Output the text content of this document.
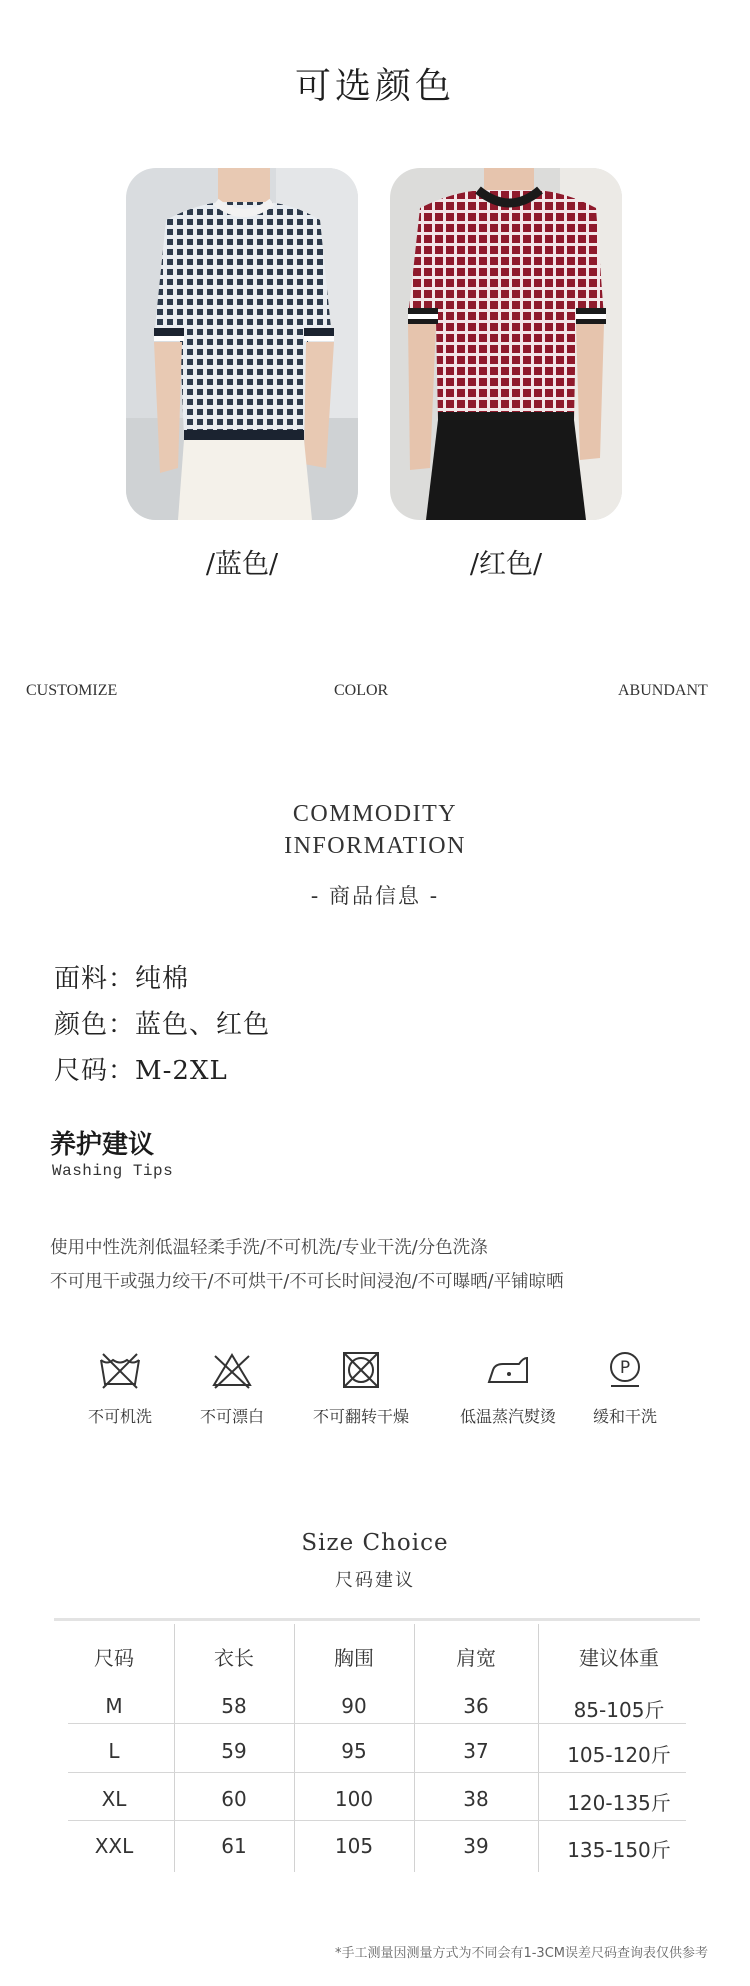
可选颜色
/蓝色/	/红色/
CUSTOMIZE	COLOR	ABUNDANT
COMMODITY
INFORMATION
- 商品信息 -
面料：纯棉
颜色：蓝色、红色
尺码：M-2XL
养护建议
Washing Tips
使用中性洗剂低温轻柔手洗/不可机洗/专业干洗/分色洗涤
不可甩干或强力绞干/不可烘干/不可长时间浸泡/不可曝晒/平铺晾晒
不可机洗	不可漂白	不可翻转干燥	低温蒸汽熨烫
P
缓和干洗
Size Choice
尺码建议
尺码	衣长	胸围	肩宽	建议体重
M	58	90	36	85-105斤
L	59	95	37	105-120斤
XL	60	100	38	120-135斤
XXL	61	105	39	135-150斤
*手工测量因测量方式为不同会有1-3CM误差尺码查询表仅供参考
